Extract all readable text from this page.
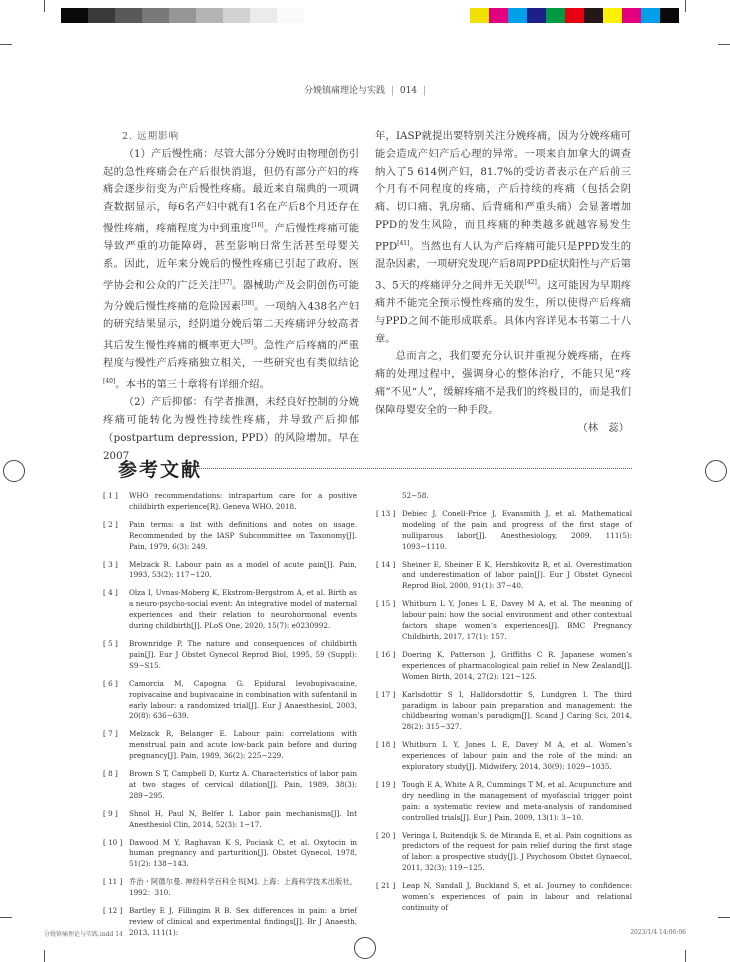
分娩镇痛理论与实践 | 014 |

2. 远期影响

（1）产后慢性痛：尽管大部分分娩时由物理创伤引起的急性疼痛会在产后很快消退，但仍有部分产妇的疼痛会逐步衍变为产后慢性疼痛。最近来自瑞典的一项调查数据显示，每6名产妇中就有1名在产后8个月还存在慢性疼痛，疼痛程度为中到重度[16]。产后慢性疼痛可能导致严重的功能障碍，甚至影响日常生活甚至母婴关系。因此，近年来分娩后的慢性疼痛已引起了政府、医学协会和公众的广泛关注[37]。器械助产及会阴创伤可能为分娩后慢性疼痛的危险因素[38]。一项纳入438名产妇的研究结果显示，经阴道分娩后第二天疼痛评分较高者其后发生慢性疼痛的概率更大[39]。急性产后疼痛的严重程度与慢性产后疼痛独立相关，一些研究也有类似结论[40]。本书的第三十章将有详细介绍。

（2）产后抑郁：有学者推测，未经良好控制的分娩疼痛可能转化为慢性持续性疼痛，并导致产后抑郁（postpartum depression, PPD）的风险增加。早在2007

年，IASP就提出要特别关注分娩疼痛，因为分娩疼痛可能会造成产妇产后心理的异常。一项来自加拿大的调查纳入了5 614例产妇，81.7%的受访者表示在产后前三个月有不同程度的疼痛，产后持续的疼痛（包括会阴痛、切口痛、乳房痛、后背痛和严重头痛）会显著增加PPD的发生风险，而且疼痛的种类越多就越容易发生PPD[41]。当然也有人认为产后疼痛可能只是PPD发生的混杂因素，一项研究发现产后8周PPD症状阳性与产后第3、5天的疼痛评分之间并无关联[42]。这可能因为早期疼痛并不能完全预示慢性疼痛的发生，所以使得产后疼痛与PPD之间不能形成联系。具体内容详见本书第二十八章。

总而言之，我们要充分认识并重视分娩疼痛，在疼痛的处理过程中，强调身心的整体治疗，不能只见“疼痛”不见“人”，缓解疼痛不是我们的终极目的，而是我们保障母婴安全的一种手段。

（林　蕊）

参考文献
[ 1 ]	WHO recommendations: intrapartum care for a positive childbirth experience[R]. Geneva WHO, 2018.
[ 2 ]	Pain terms: a list with definitions and notes on usage. Recommended by the IASP Subcommittee on Taxonomy[J]. Pain, 1979, 6(3): 249.
[ 3 ]	Melzack R. Labour pain as a model of acute pain[J]. Pain, 1993, 53(2): 117−120.
[ 4 ]	Olza I, Uvnas-Moberg K, Ekstrom-Bergstrom A, et al. Birth as a neuro-psycho-social event: An integrative model of maternal experiences and their relation to neurohormonal events during childbirth[J]. PLoS One, 2020, 15(7): e0230992.
[ 5 ]	Brownridge P. The nature and consequences of childbirth pain[J]. Eur J Obstet Gynecol Reprod Biol, 1995, 59 (Suppl): S9−S15.
[ 6 ]	Camorcia M, Capogna G. Epidural levobupivacaine, ropivacaine and bupivacaine in combination with sufentanil in early labour: a randomized trial[J]. Eur J Anaesthesiol, 2003, 20(8): 636−639.
[ 7 ]	Melzack R, Belanger E. Labour pain: correlations with menstrual pain and acute low-back pain before and during pregnancy[J]. Pain, 1989, 36(2): 225−229.
[ 8 ]	Brown S T, Campbell D, Kurtz A. Characteristics of labor pain at two stages of cervical dilation[J]. Pain, 1989, 38(3): 289−295.
[ 9 ]	Shnol H, Paul N, Belfer I. Labor pain mechanisms[J]. Int Anesthesiol Clin, 2014, 52(3): 1−17.
[ 10 ] Dawood M Y, Raghavan K S, Pociask C, et al. Oxytocin in human pregnancy and parturition[J]. Obstet Gynecol, 1978, 51(2): 138−143.
[ 11 ] 乔治・阿德尔曼. 神经科学百科全书[M]. 上海：上海科学技术出版社，1992：310.
[ 12 ] Bartley E J, Fillingim R B. Sex differences in pain: a brief review of clinical and experimental findings[J]. Br J Anaesth, 2013, 111(1):
52−58.
[ 13 ] Debiec J, Conell-Price J, Evansmith J, et al. Mathematical modeling of the pain and progress of the first stage of nulliparous labor[J]. Anesthesiology, 2009, 111(5): 1093−1110.
[ 14 ] Sheiner E, Sheiner E K, Hershkovitz R, et al. Overestimation and underestimation of labor pain[J]. Eur J Obstet Gynecol Reprod Biol, 2000, 91(1): 37−40.
[ 15 ] Whitburn L Y, Jones L E, Davey M A, et al. The meaning of labour pain: how the social environment and other contextual factors shape women’s experiences[J]. BMC Pregnancy Childbirth, 2017, 17(1): 157.
[ 16 ] Doering K, Patterson J, Griffiths C R. Japanese women’s experiences of pharmacological pain relief in New Zealand[J]. Women Birth, 2014, 27(2): 121−125.
[ 17 ] Karlsdottir S I, Halldorsdottir S, Lundgren I. The third paradigm in labour pain preparation and management: the childbearing woman’s paradigm[J]. Scand J Caring Sci, 2014, 28(2): 315−327.
[ 18 ] Whitburn L Y, Jones L E, Davey M A, et al. Women’s experiences of labour pain and the role of the mind: an exploratory study[J]. Midwifery, 2014, 30(9): 1029−1035.
[ 19 ] Tough E A, White A R, Cummings T M, et al. Acupuncture and dry needling in the management of myofascial trigger point pain: a systematic review and meta-analysis of randomised controlled trials[J]. Eur J Pain, 2009, 13(1): 3−10.
[ 20 ] Veringa I, Buitendijk S, de Miranda E, et al. Pain cognitions as predictors of the request for pain relief during the first stage of labor: a prospective study[J]. J Psychosom Obstet Gynaecol, 2011, 32(3): 119−125.
[ 21 ] Leap N, Sandall J, Buckland S, et al. Journey to confidence: women’s experiences of pain in labour and relational continuity of
分娩镇痛理论与实践.indd 14	2023/1/4 14:06:06
